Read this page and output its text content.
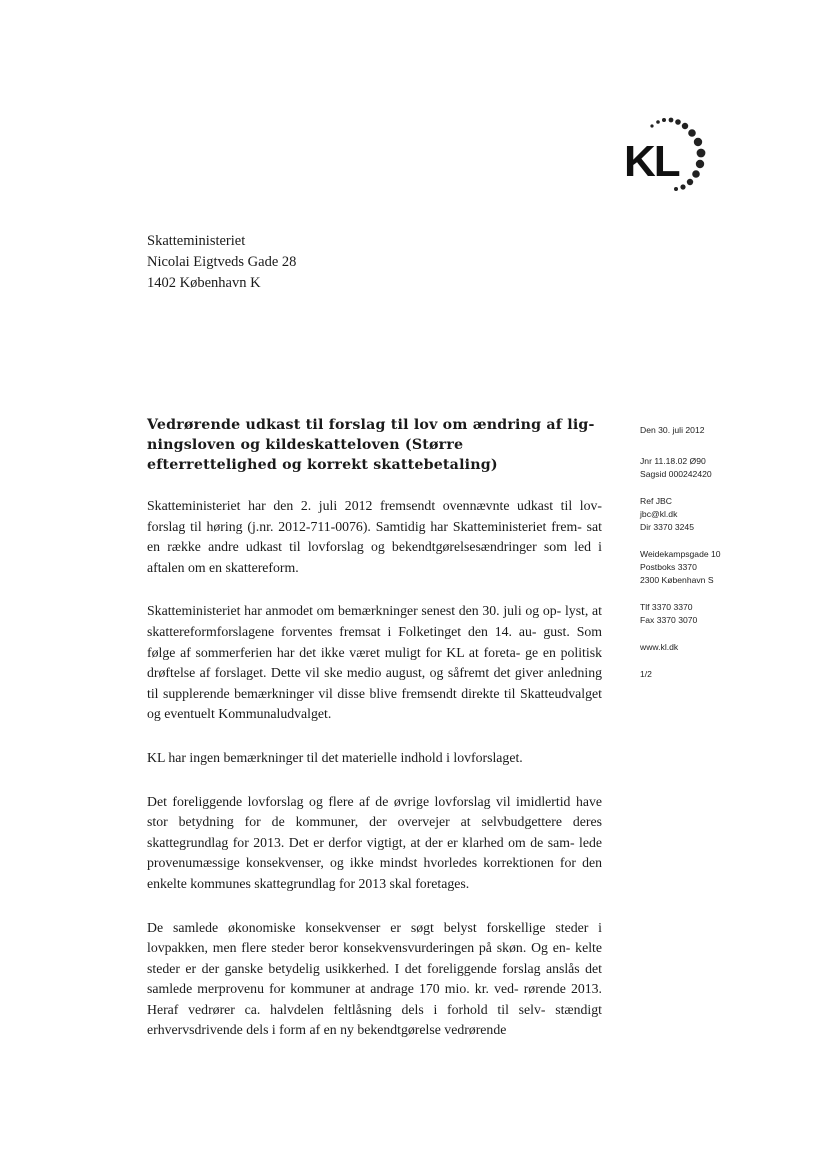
KL
Skatteministeriet
Nicolai Eigtveds Gade 28
1402 København K
Vedrørende udkast til forslag til lov om ændring af lig- ningsloven og kildeskatteloven (Større efterrettelighed og korrekt skattebetaling)
Den 30. juli 2012
Jnr 11.18.02 Ø90
Sagsid 000242420
Ref JBC
jbc@kl.dk
Dir 3370 3245
Weidekampsgade 10
Postboks 3370
2300 København S
Tlf 3370 3370
Fax 3370 3070
www.kl.dk
1/2

Skatteministeriet har den 2. juli 2012 fremsendt ovennævnte udkast til lov- forslag til høring (j.nr. 2012-711-0076). Samtidig har Skatteministeriet frem- sat en række andre udkast til lovforslag og bekendtgørelsesændringer som led i aftalen om en skattereform.

Skatteministeriet har anmodet om bemærkninger senest den 30. juli og op- lyst, at skattereformforslagene forventes fremsat i Folketinget den 14. au- gust. Som følge af sommerferien har det ikke været muligt for KL at foreta- ge en politisk drøftelse af forslaget. Dette vil ske medio august, og såfremt det giver anledning til supplerende bemærkninger vil disse blive fremsendt direkte til Skatteudvalget og eventuelt Kommunaludvalget.

KL har ingen bemærkninger til det materielle indhold i lovforslaget.

Det foreliggende lovforslag og flere af de øvrige lovforslag vil imidlertid have stor betydning for de kommuner, der overvejer at selvbudgettere deres skattegrundlag for 2013. Det er derfor vigtigt, at der er klarhed om de sam- lede provenumæssige konsekvenser, og ikke mindst hvorledes korrektionen for den enkelte kommunes skattegrundlag for 2013 skal foretages.

De samlede økonomiske konsekvenser er søgt belyst forskellige steder i lovpakken, men flere steder beror konsekvensvurderingen på skøn. Og en- kelte steder er der ganske betydelig usikkerhed. I det foreliggende forslag anslås det samlede merprovenu for kommuner at andrage 170 mio. kr. ved- rørende 2013. Heraf vedrører ca. halvdelen feltlåsning dels i forhold til selv- stændigt erhvervsdrivende dels i form af en ny bekendtgørelse vedrørende
